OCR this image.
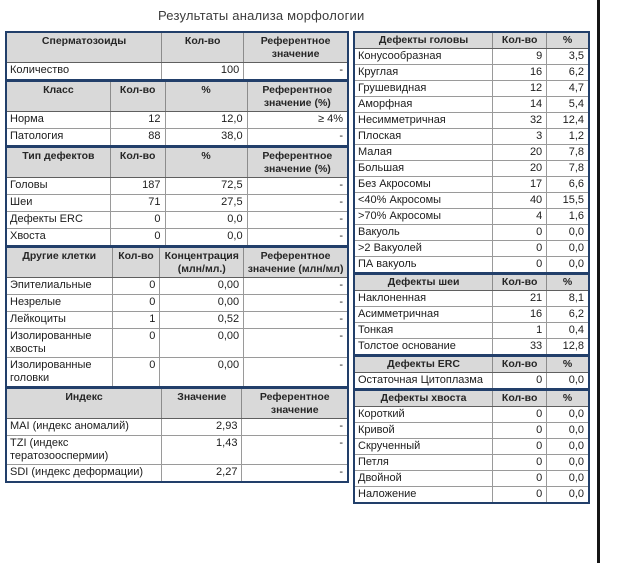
Результаты анализа морфологии
Сперматозоиды	Кол-во	Референтное значение
Количество	100	-
Класс	Кол-во	%	Референтное значение (%)
Норма	12	12,0	≥ 4%
Патология	88	38,0	-
Тип дефектов	Кол-во	%	Референтное значение (%)
Головы	187	72,5	-
Шеи	71	27,5	-
Дефекты ERC	0	0,0	-
Хвоста	0	0,0	-
Другие клетки	Кол-во	Концентрация (млн/мл.)	Референтное значение (млн/мл)
Эпителиальные	0	0,00	-
Незрелые	0	0,00	-
Лейкоциты	1	0,52	-
Изолированные хвосты	0	0,00	-
Изолированные головки	0	0,00	-
Индекс	Значение	Референтное значение
MAI (индекс аномалий)	2,93	-
TZI (индекс тератозооспермии)	1,43	-
SDI (индекс деформации)	2,27	-
Дефекты головы	Кол-во	%
Конусообразная	9	3,5
Круглая	16	6,2
Грушевидная	12	4,7
Аморфная	14	5,4
Несимметричная	32	12,4
Плоская	3	1,2
Малая	20	7,8
Большая	20	7,8
Без Акросомы	17	6,6
<40% Акросомы	40	15,5
>70% Акросомы	4	1,6
Вакуоль	0	0,0
>2 Вакуолей	0	0,0
ПА вакуоль	0	0,0
Дефекты шеи	Кол-во	%
Наклоненная	21	8,1
Асимметричная	16	6,2
Тонкая	1	0,4
Толстое основание	33	12,8
Дефекты ERC	Кол-во	%
Остаточная Цитоплазма	0	0,0
Дефекты хвоста	Кол-во	%
Короткий	0	0,0
Кривой	0	0,0
Скрученный	0	0,0
Петля	0	0,0
Двойной	0	0,0
Наложение	0	0,0
